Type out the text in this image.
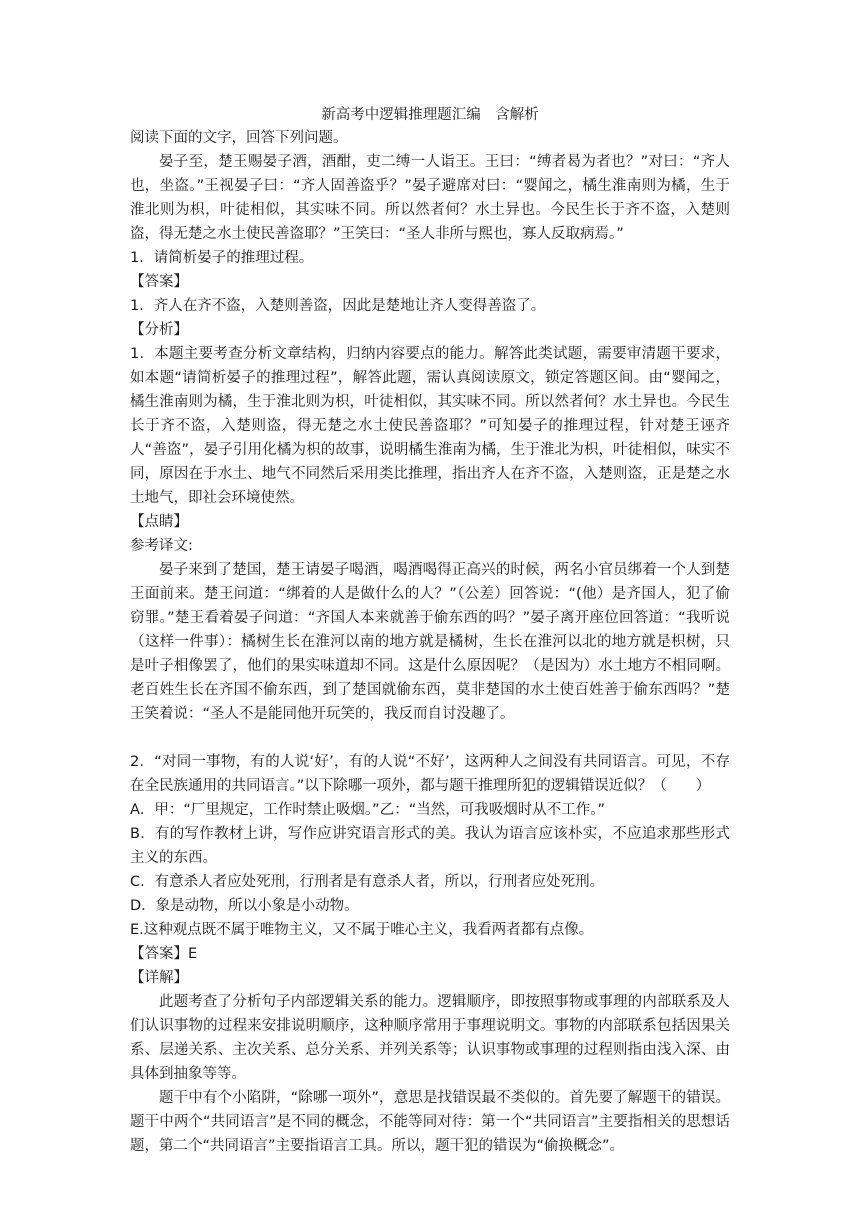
新高考中逻辑推理题汇编　含解析

阅读下面的文字，回答下列问题。

晏子至，楚王赐晏子酒，酒酣，吏二缚一人诣王。王曰：“缚者曷为者也？”对曰：“齐人也，坐盗。”王视晏子曰：“齐人固善盗乎？”晏子避席对曰：“婴闻之，橘生淮南则为橘，生于淮北则为枳，叶徒相似，其实味不同。所以然者何？水土异也。今民生长于齐不盗，入楚则盗，得无楚之水土使民善盗耶？”王笑曰：“圣人非所与熙也，寡人反取病焉。”

1．请简析晏子的推理过程。

【答案】

1．齐人在齐不盗，入楚则善盗，因此是楚地让齐人变得善盗了。

【分析】

1．本题主要考查分析文章结构，归纳内容要点的能力。解答此类试题，需要审清题干要求，如本题“请简析晏子的推理过程”，解答此题，需认真阅读原文，锁定答题区间。由“婴闻之，橘生淮南则为橘，生于淮北则为枳，叶徒相似，其实味不同。所以然者何？水土异也。今民生长于齐不盗，入楚则盗，得无楚之水土使民善盗耶？”可知晏子的推理过程，针对楚王诬齐人“善盗”，晏子引用化橘为枳的故事，说明橘生淮南为橘，生于淮北为枳，叶徒相似，味实不同，原因在于水土、地气不同然后采用类比推理，指出齐人在齐不盗，入楚则盗，正是楚之水土地气，即社会环境使然。

【点睛】

参考译文:

晏子来到了楚国，楚王请晏子喝酒，喝酒喝得正高兴的时候，两名小官员绑着一个人到楚王面前来。楚王问道：“绑着的人是做什么的人？”（公差）回答说：“(他）是齐国人，犯了偷窃罪。”楚王看着晏子问道：“齐国人本来就善于偷东西的吗？”晏子离开座位回答道：“我听说（这样一件事）：橘树生长在淮河以南的地方就是橘树，生长在淮河以北的地方就是枳树，只是叶子相像罢了，他们的果实味道却不同。这是什么原因呢？（是因为）水土地方不相同啊。老百姓生长在齐国不偷东西，到了楚国就偷东西，莫非楚国的水土使百姓善于偷东西吗？”楚王笑着说：“圣人不是能同他开玩笑的，我反而自讨没趣了。

2．“对同一事物，有的人说‘好’，有的人说“不好’，这两种人之间没有共同语言。可见，不存在全民族通用的共同语言。”以下除哪一项外，都与题干推理所犯的逻辑错误近似？（　　）

A．甲：“厂里规定，工作时禁止吸烟。”乙：“当然，可我吸烟时从不工作。”

B．有的写作教材上讲，写作应讲究语言形式的美。我认为语言应该朴实，不应追求那些形式主义的东西。

C．有意杀人者应处死刑，行刑者是有意杀人者，所以，行刑者应处死刑。

D．象是动物，所以小象是小动物。

E.这种观点既不属于唯物主义，又不属于唯心主义，我看两者都有点像。

【答案】E

【详解】

此题考查了分析句子内部逻辑关系的能力。逻辑顺序，即按照事物或事理的内部联系及人们认识事物的过程来安排说明顺序，这种顺序常用于事理说明文。事物的内部联系包括因果关系、层递关系、主次关系、总分关系、并列关系等；认识事物或事理的过程则指由浅入深、由具体到抽象等等。

题干中有个小陷阱，“除哪一项外”，意思是找错误最不类似的。首先要了解题干的错误。题干中两个“共同语言”是不同的概念，不能等同对待：第一个“共同语言”主要指相关的思想话题，第二个“共同语言”主要指语言工具。所以，题干犯的错误为“偷换概念”。
